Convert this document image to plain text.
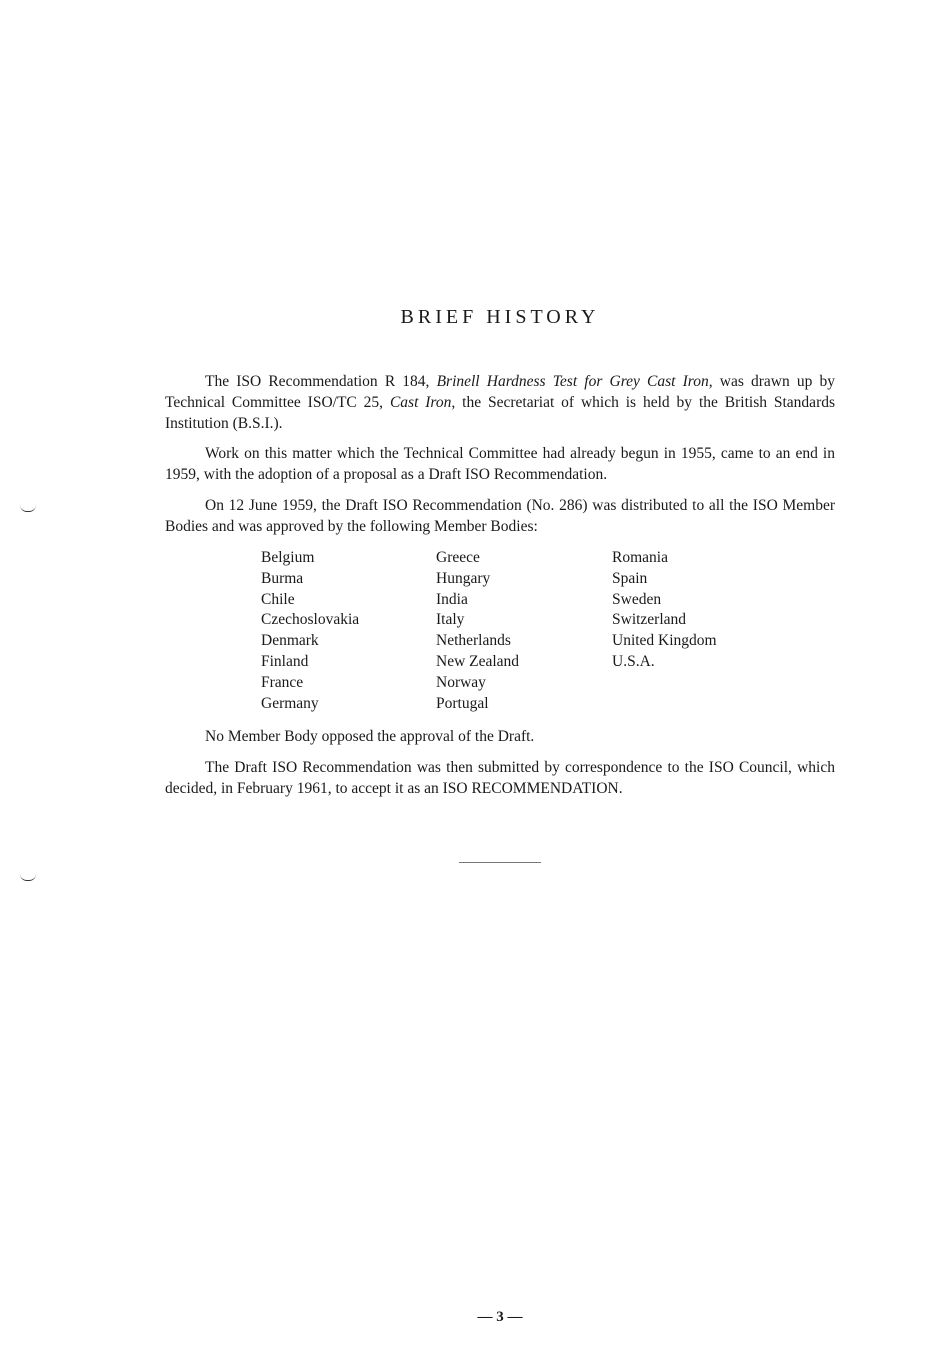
BRIEF HISTORY

The ISO Recommendation R 184, Brinell Hardness Test for Grey Cast Iron, was drawn up by Technical Committee ISO/TC 25, Cast Iron, the Secretariat of which is held by the British Standards Institution (B.S.I.).

Work on this matter which the Technical Committee had already begun in 1955, came to an end in 1959, with the adoption of a proposal as a Draft ISO Recommendation.

On 12 June 1959, the Draft ISO Recommendation (No. 286) was distributed to all the ISO Member Bodies and was approved by the following Member Bodies:

Belgium
Burma
Chile
Czechoslovakia
Denmark
Finland
France
Germany
Greece
Hungary
India
Italy
Netherlands
New Zealand
Norway
Portugal
Romania
Spain
Sweden
Switzerland
United Kingdom
U.S.A.

No Member Body opposed the approval of the Draft.

The Draft ISO Recommendation was then submitted by correspondence to the ISO Council, which decided, in February 1961, to accept it as an ISO RECOMMENDATION.

— 3 —
